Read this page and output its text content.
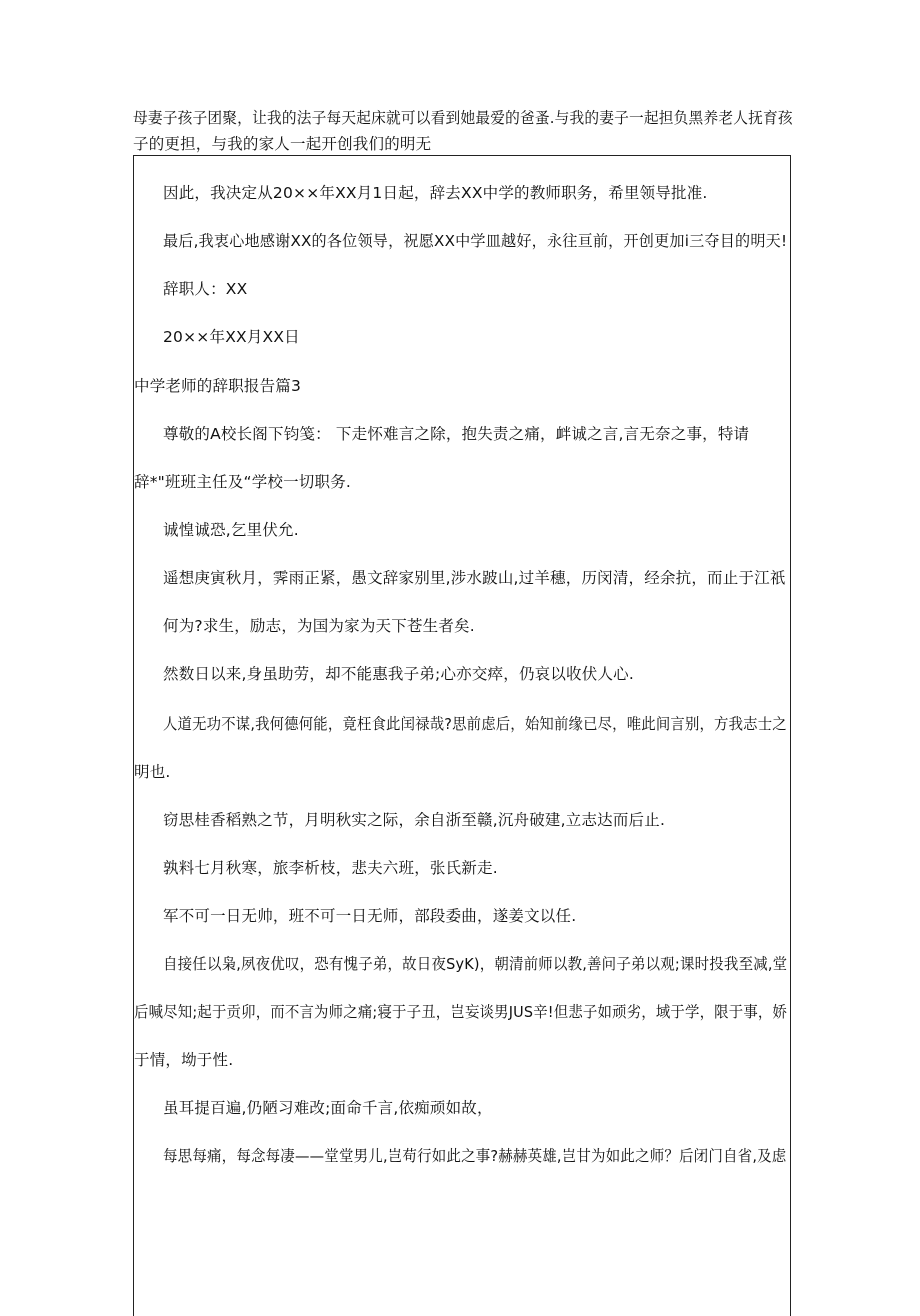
母妻子孩子团聚，让我的法子每天起床就可以看到她最爱的爸蚤.与我的妻子一起担负黑养老人抚育孩

子的更担，与我的家人一起开创我们的明无

因此，我决定从20××年XX月1日起，辞去XX中学的教师职务，希里领导批准.
最后,我衷心地感谢XX的各位领导，祝愿XX中学皿越好，永往亘前，开创更加i三夺目的明天!
辞职人：XX
20××年XX月XX日
中学老师的辞职报告篇3
尊敬的A校长阁下钧笺： 下走怀难言之除，抱失责之痛，衅诚之言,言无奈之事，特请
辞*"班班主任及“学校一切职务.
诚惶诚恐,乞里伏允.
遥想庚寅秋月，霁雨正紧，愚文辞家别里,涉水跛山,过羊穗，历闵清，经余抗，而止于江祇
何为?求生，励志，为国为家为天下苍生者矣.
然数日以来,身虽助劳，却不能惠我子弟;心亦交瘁，仍哀以收伏人心.
人道无功不谋,我何德何能，竟枉食此闰禄哉?思前虑后，始知前缘已尽，唯此间言别，方我志士之
明也.
窃思桂香稻熟之节，月明秋实之际，余自浙至赣,沉舟破建,立志达而后止.
孰料七月秋寒，旅李析枝，悲夫六班，张氏新走.
军不可一日无帅，班不可一日无师，部段委曲，遂姜文以任.
自接任以枭,夙夜优叹，恐有愧子弟，故日夜SyK)，朝清前师以教,善问子弟以观;课时投我至减,堂
后喊尽知;起于贡卯，而不言为师之痛;寝于子丑，岂妄谈男JUS辛!但悲子如顽劣，域于学，限于事，娇
于情，坳于性.
虽耳提百遍,仍陋习难改;面命千言,依痴顽如故，
每思每痛，每念每凄——堂堂男儿,岂苟行如此之事?赫赫英雄,岂甘为如此之师？后闭门自省,及虑
